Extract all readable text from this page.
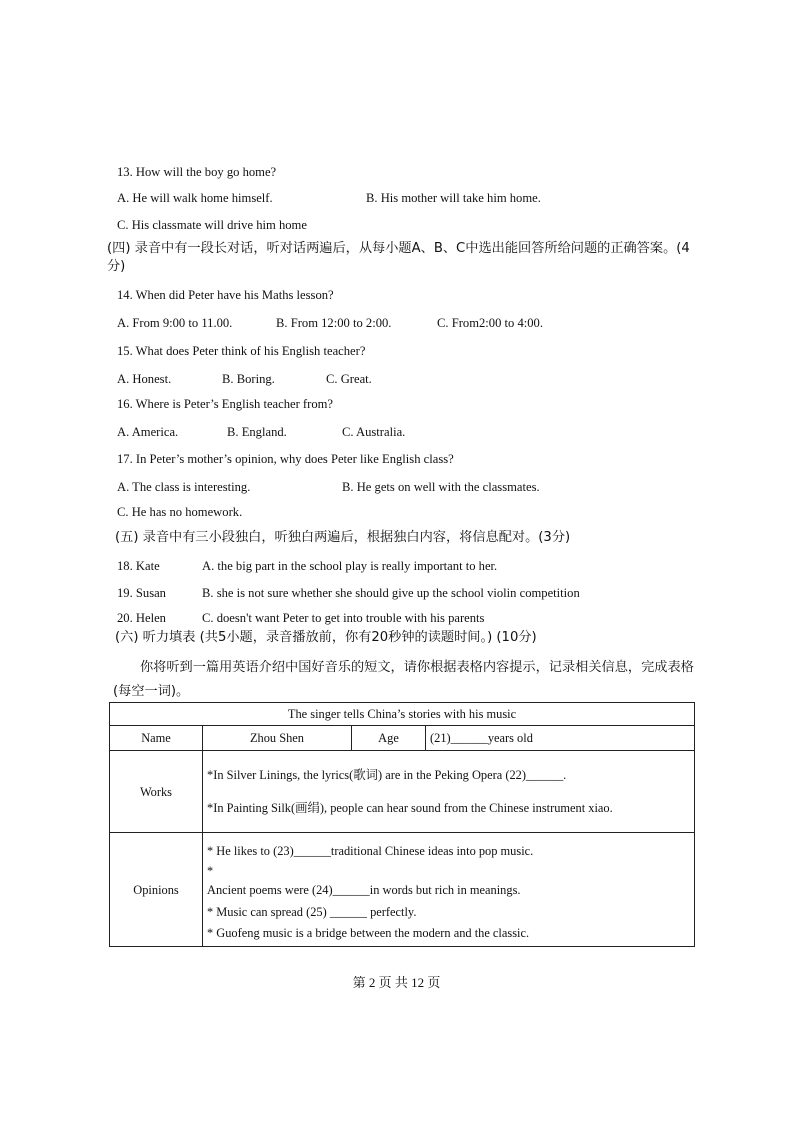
13. How will the boy go home?
A. He will walk home himself.	B. His mother will take him home.
C. His classmate will drive him home
(四) 录音中有一段长对话，听对话两遍后，从每小题A、B、C中选出能回答所给问题的正确答案。(4分)
14. When did Peter have his Maths lesson?
A. From 9:00 to 11.00.	B. From 12:00 to 2:00.	C. From2:00 to 4:00.
15. What does Peter think of his English teacher?
A. Honest.	B. Boring.	C. Great.
16. Where is Peter’s English teacher from?
A. America.	B. England.	C. Australia.
17. In Peter’s mother’s opinion, why does Peter like English class?
A. The class is interesting.	B. He gets on well with the classmates.
C. He has no homework.
(五) 录音中有三小段独白，听独白两遍后，根据独白内容，将信息配对。(3分)
18. Kate	A. the big part in the school play is really important to her.
19. Susan	B. she is not sure whether she should give up the school violin competition
20. Helen	C. doesn't want Peter to get into trouble with his parents
(六) 听力填表 (共5小题，录音播放前，你有20秒钟的读题时间。) (10分)
你将听到一篇用英语介绍中国好音乐的短文，请你根据表格内容提示，记录相关信息，完成表格(每空一词)。
The singer tells China’s stories with his music			
Name	Zhou Shen	Age	(21)______years old
Works	*In Silver Linings, the lyrics(歌词) are in the Peking Opera (22)______.
*In Painting Silk(画绢), people can hear sound from the Chinese instrument xiao.		

Opinions	* He likes to (23)______traditional Chinese ideas into pop music.
*
Ancient poems were (24)______in words but rich in meanings.
* Music can spread (25) ______ perfectly.
* Guofeng music is a bridge between the modern and the classic.		
第 2 页 共 12 页
